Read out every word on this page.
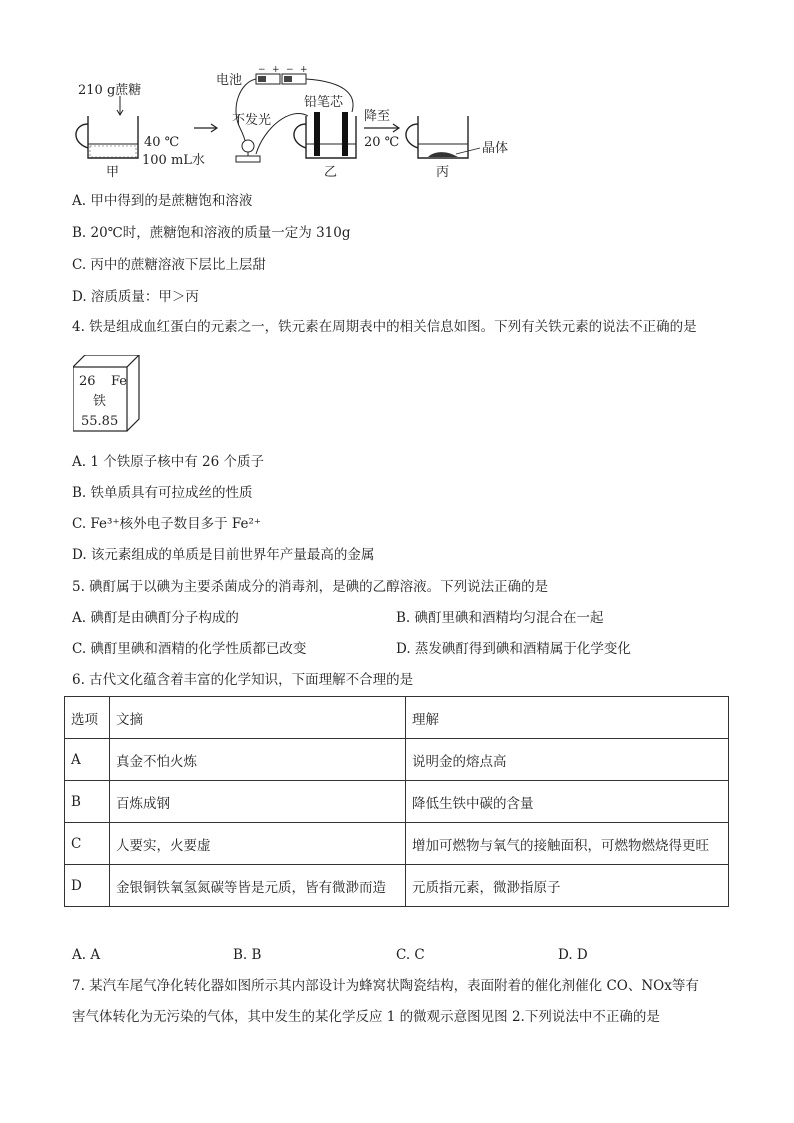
210 g蔗糖
40 ℃
100 mL水
甲
− + − +
电池
不发光
铅笔芯
乙
降至
20 ℃	晶体
丙
A. 甲中得到的是蔗糖饱和溶液
B. 20℃时，蔗糖饱和溶液的质量一定为 310g
C. 丙中的蔗糖溶液下层比上层甜
D. 溶质质量：甲＞丙
4. 铁是组成血红蛋白的元素之一，铁元素在周期表中的相关信息如图。下列有关铁元素的说法不正确的是
26 Fe
铁
55.85
A. 1 个铁原子核中有 26 个质子
B. 铁单质具有可拉成丝的性质
C. Fe³⁺核外电子数目多于 Fe²⁺
D. 该元素组成的单质是目前世界年产量最高的金属
5. 碘酊属于以碘为主要杀菌成分的消毒剂，是碘的乙醇溶液。下列说法正确的是
A. 碘酊是由碘酊分子构成的	B. 碘酊里碘和酒精均匀混合在一起
C. 碘酊里碘和酒精的化学性质都已改变	D. 蒸发碘酊得到碘和酒精属于化学变化
6. 古代文化蕴含着丰富的化学知识，下面理解不合理的是
选项	文摘	理解
A	真金不怕火炼	说明金的熔点高
B	百炼成钢	降低生铁中碳的含量
C	人要实，火要虚	增加可燃物与氧气的接触面积，可燃物燃烧得更旺
D	金银铜铁氧氢氮碳等皆是元质，皆有微渺而造	元质指元素，微渺指原子
A. A	B. B	C. C	D. D
7. 某汽车尾气净化转化器如图所示其内部设计为蜂窝状陶瓷结构，表面附着的催化剂催化 CO、NOx等有
害气体转化为无污染的气体，其中发生的某化学反应 1 的微观示意图见图 2.下列说法中不正确的是
